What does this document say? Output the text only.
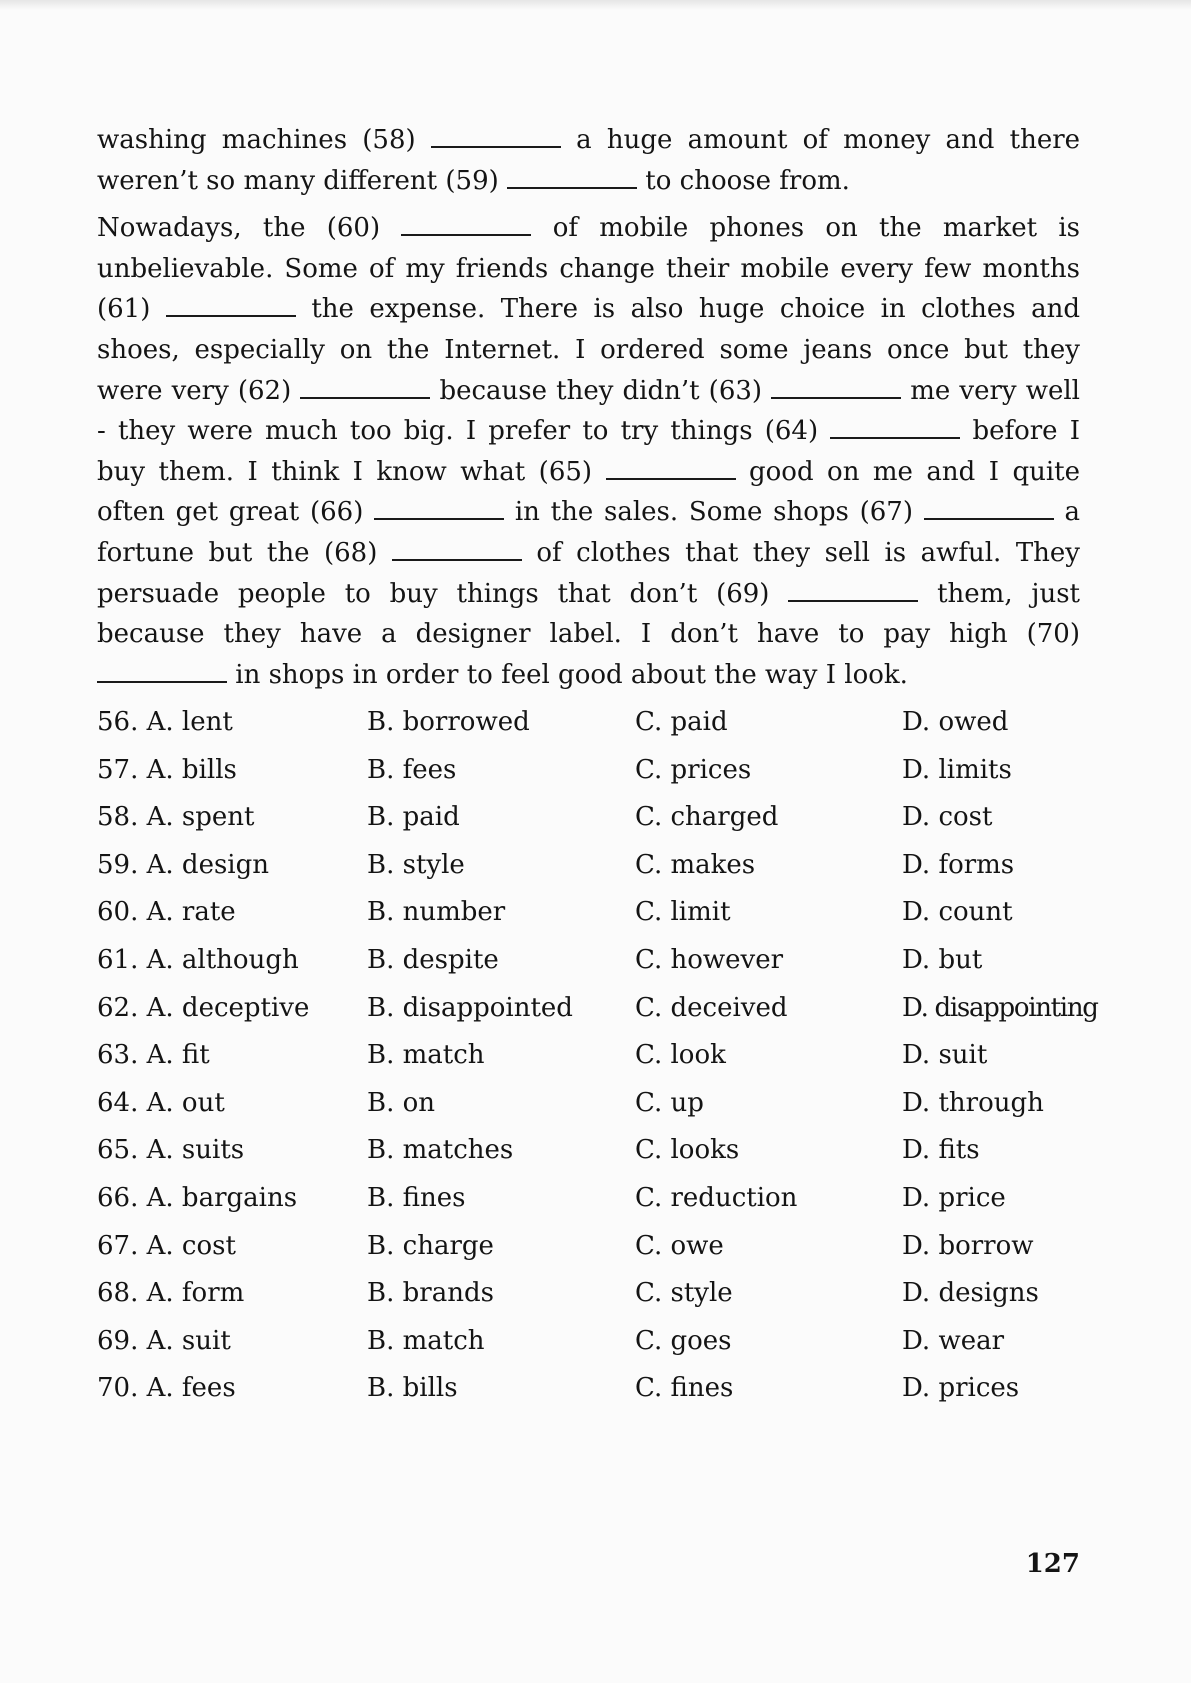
washing machines (58)	a huge amount of money and there weren’t so many different (59)	to choose from.

Nowadays, the (60)	of mobile phones on the market is unbelievable. Some of my friends change their mobile every few months (61)	the expense. There is also huge choice in clothes and shoes, especially on the Internet. I ordered some jeans once but they were very (62)	because they didn’t (63)	me very well - they were much too big. I prefer to try things (64)	before I buy them. I think I know what (65)	good on me and I quite often get great (66)	in the sales. Some shops (67)	a fortune but the (68)	of clothes that they sell is awful. They persuade people to buy things that don’t (69)	them, just because they have a designer label. I don’t have to pay high (70)  in shops in order to feel good about the way I look.

56. A. lent	B. borrowed	C. paid	D. owed
57. A. bills	B. fees	C. prices	D. limits
58. A. spent	B. paid	C. charged	D. cost
59. A. design	B. style	C. makes	D. forms
60. A. rate	B. number	C. limit	D. count
61. A. although	B. despite	C. however	D. but
62. A. deceptive	B. disappointed	C. deceived	D. disappointing
63. A. fit	B. match	C. look	D. suit
64. A. out	B. on	C. up	D. through
65. A. suits	B. matches	C. looks	D. fits
66. A. bargains	B. fines	C. reduction	D. price
67. A. cost	B. charge	C. owe	D. borrow
68. A. form	B. brands	C. style	D. designs
69. A. suit	B. match	C. goes	D. wear
70. A. fees	B. bills	C. fines	D. prices
127
